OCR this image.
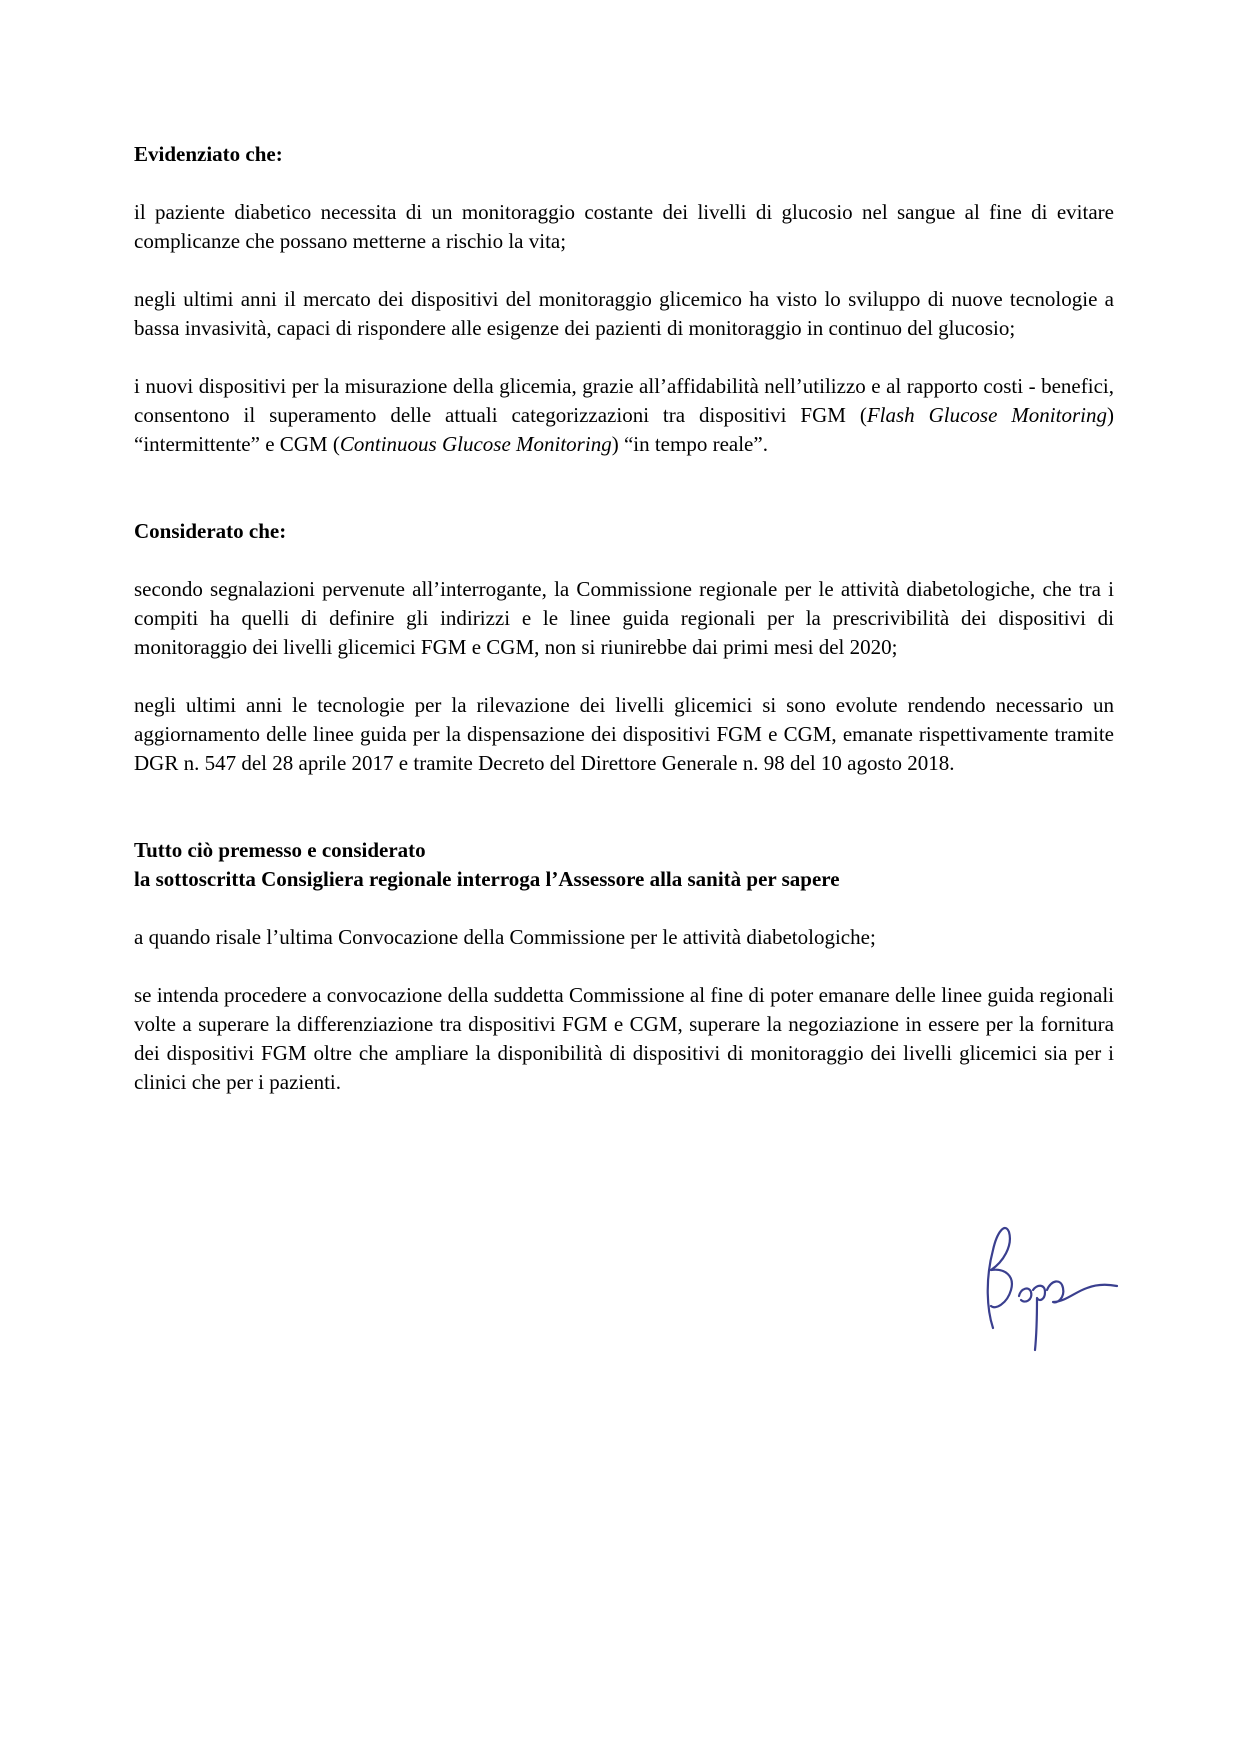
Evidenziato che:

il paziente diabetico necessita di un monitoraggio costante dei livelli di glucosio nel sangue al fine di evitare complicanze che possano metterne a rischio la vita;

negli ultimi anni il mercato dei dispositivi del monitoraggio glicemico ha visto lo sviluppo di nuove tecnologie a bassa invasività, capaci di rispondere alle esigenze dei pazienti di monitoraggio in continuo del glucosio;

i nuovi dispositivi per la misurazione della glicemia, grazie all’affidabilità nell’utilizzo e al rapporto costi - benefici, consentono il superamento delle attuali categorizzazioni tra dispositivi FGM (Flash Glucose Monitoring) “intermittente” e CGM (Continuous Glucose Monitoring) “in tempo reale”.

Considerato che:

secondo segnalazioni pervenute all’interrogante, la Commissione regionale per le attività diabetologiche, che tra i compiti ha quelli di definire gli indirizzi e le linee guida regionali per la prescrivibilità dei dispositivi di monitoraggio dei livelli glicemici FGM e CGM, non si riunirebbe dai primi mesi del 2020;

negli ultimi anni le tecnologie per la rilevazione dei livelli glicemici si sono evolute rendendo necessario un aggiornamento delle linee guida per la dispensazione dei dispositivi FGM e CGM, emanate rispettivamente tramite DGR n. 547 del 28 aprile 2017 e tramite Decreto del Direttore Generale n. 98 del 10 agosto 2018.

Tutto ciò premesso e considerato

la sottoscritta Consigliera regionale interroga l’Assessore alla sanità per sapere

a quando risale l’ultima Convocazione della Commissione per le attività diabetologiche;

se intenda procedere a convocazione della suddetta Commissione al fine di poter emanare delle linee guida regionali volte a superare la differenziazione tra dispositivi FGM e CGM, superare la negoziazione in essere per la fornitura dei dispositivi FGM oltre che ampliare la disponibilità di dispositivi di monitoraggio dei livelli glicemici sia per i clinici che per i pazienti.
